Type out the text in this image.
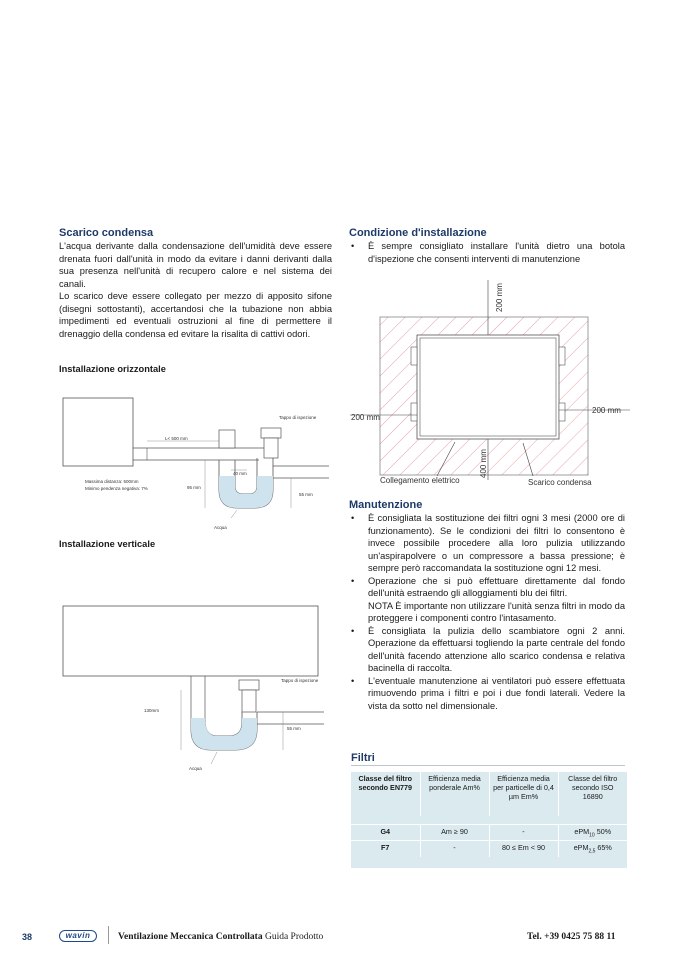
Scarico condensa
L'acqua derivante dalla condensazione dell'umidità deve essere drenata fuori dall'unità in modo da evitare i danni derivanti dalla sua presenza nell'unità di recupero calore e nel sistema dei canali.
Lo scarico deve essere collegato per mezzo di apposito sifone (disegni sottostanti), accertandosi che la tubazione non abbia impedimenti ed eventuali ostruzioni al fine di permettere il drenaggio della condensa ed evitare la risalita di cattivi odori.
Installazione orizzontale
Tappo di ispezione
L< 500 mm
40 mm
95 mm
55 mm
Massima distanza: 500mm
Minimo pendenza negativa: 7%
Acqua
Installazione verticale
Tappo di ispezione
130mm
55 mm
Acqua
Condizione d'installazione
• È sempre consigliato installare l'unità dietro una botola d'ispezione che consenti interventi di manutenzione
200 mm
200 mm
200 mm
400 mm
Collegamento elettrico	Scarico condensa
Manutenzione
• È consigliata la sostituzione dei filtri ogni 3 mesi (2000 ore di funzionamento). Se le condizioni dei filtri lo consentono è invece possibile procedere alla loro pulizia utilizzando un'aspirapolvere o un compressore a bassa pressione; è sempre però raccomandata la sostituzione ogni 12 mesi.
• Operazione che si può effettuare direttamente dal fondo dell'unità estraendo gli alloggiamenti blu dei filtri.
NOTA È importante non utilizzare l'unità senza filtri in modo da proteggere i componenti contro l'intasamento.
• È consigliata la pulizia dello scambiatore ogni 2 anni. Operazione da effettuarsi togliendo la parte centrale del fondo dell'unità facendo attenzione allo scarico condensa e relativa bacinella di raccolta.
• L'eventuale manutenzione ai ventilatori può essere effettuata rimuovendo prima i filtri e poi i due fondi laterali. Vedere la vista da sotto nel dimensionale.
Filtri
Classe del filtro secondo EN779	Efficienza media ponderale Am%	Efficienza media per particelle di 0,4 µm Em%	Classe del filtro secondo ISO 16890

G4	Am ≥ 90	-	ePM$_{10}$ 50%
F7	-	80 ≤ Em < 90	ePM$_{2,5}$ 65%
38	wavin	Ventilazione Meccanica Controllata Guida Prodotto	Tel. +39 0425 75 88 11
